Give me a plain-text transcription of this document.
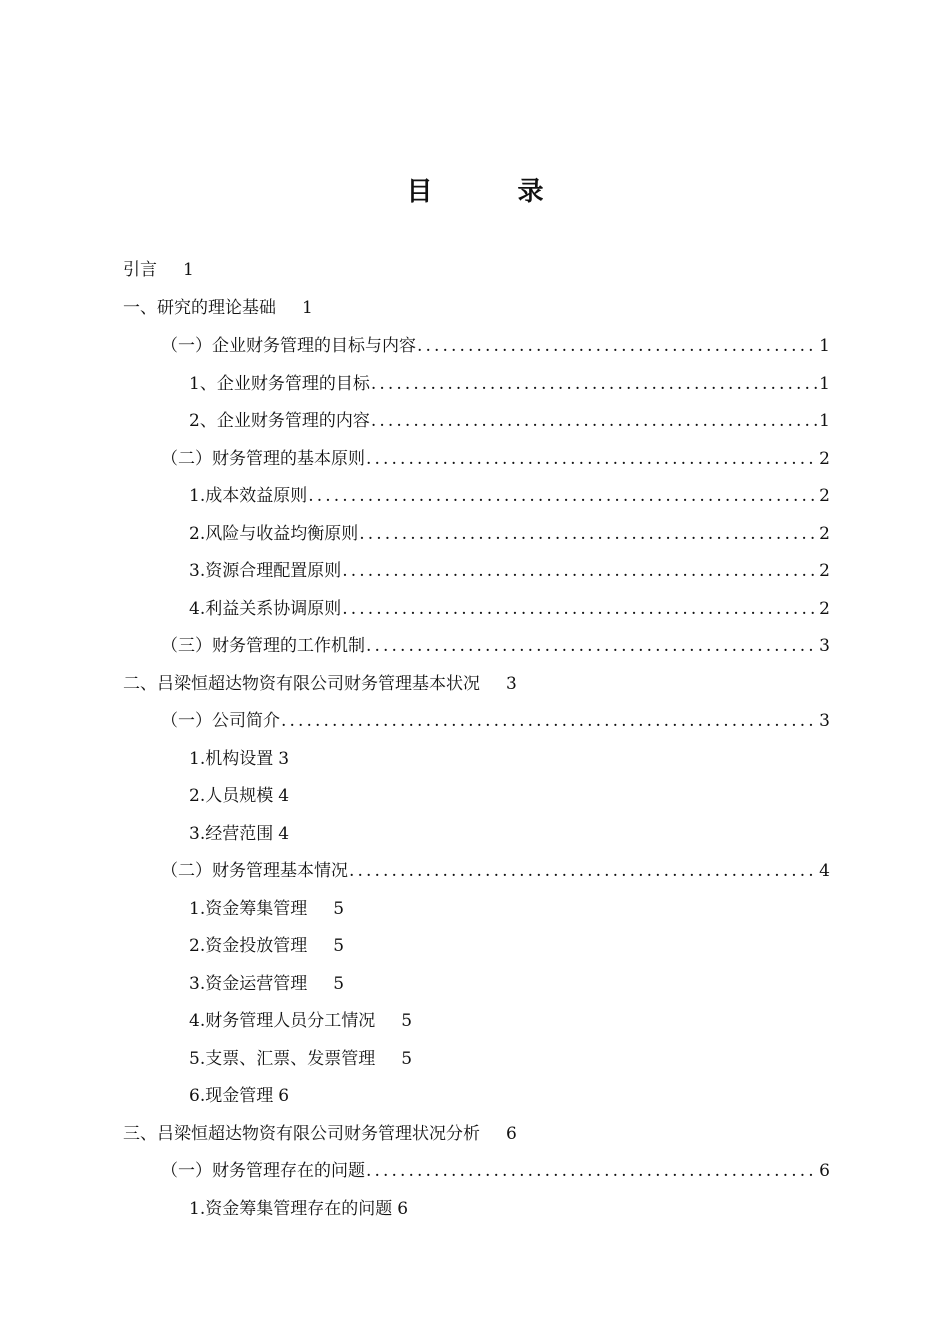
目 录
引言	1
一、研究的理论基础	1
（一）企业财务管理的目标与内容 .....	1
1、企业财务管理的目标 .....	1
2、企业财务管理的内容 .....	1
（二）财务管理的基本原则 .....	2
1.成本效益原则 .....	2
2.风险与收益均衡原则 .....	2
3.资源合理配置原则 .....	2
4.利益关系协调原则 .....	2
（三）财务管理的工作机制 .....	3
二、吕梁恒超达物资有限公司财务管理基本状况	3
（一）公司简介 .....	3
1.机构设置 3
2.人员规模 4
3.经营范围 4
（二）财务管理基本情况 .....	4
1.资金筹集管理	5
2.资金投放管理	5
3.资金运营管理	5
4.财务管理人员分工情况	5
5.支票、汇票、发票管理	5
6.现金管理 6
三、吕梁恒超达物资有限公司财务管理状况分析	6
（一）财务管理存在的问题 .....	6
1.资金筹集管理存在的问题 6
